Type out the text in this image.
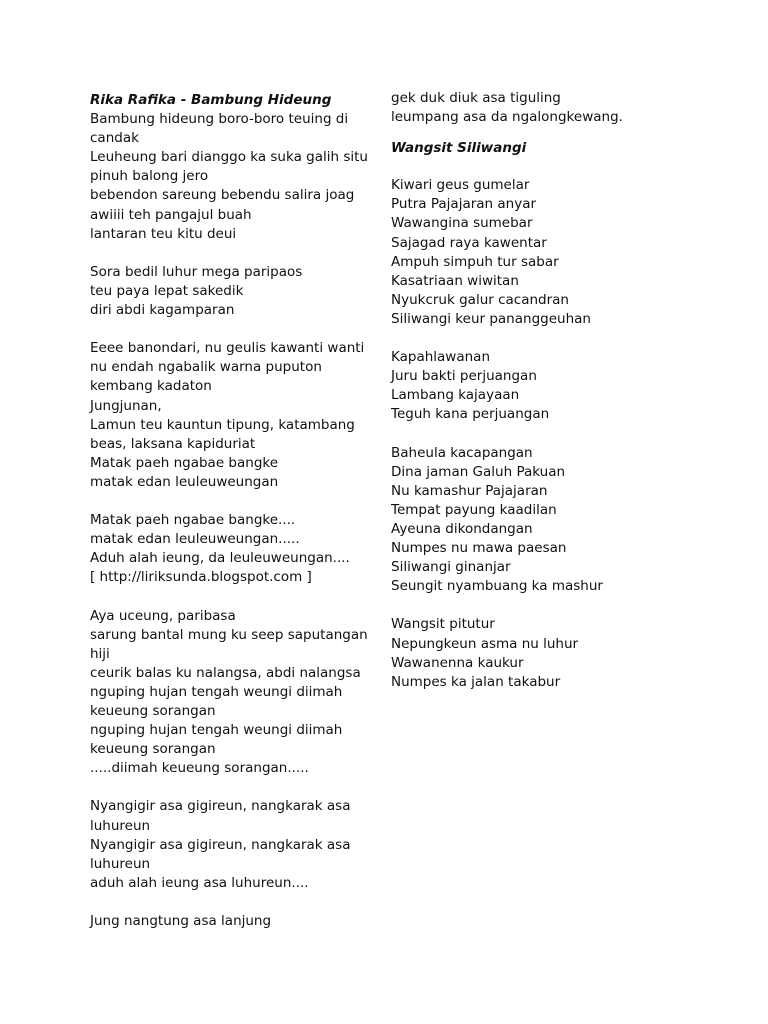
Rika Rafika - Bambung Hideung

Bambung hideung boro-boro teuing di candak
Leuheung bari dianggo ka suka galih situ pinuh balong jero
bebendon sareung bebendu salira joag awiiii teh pangajul buah
lantaran teu kitu deui
Sora bedil luhur mega paripaos
teu paya lepat sakedik
diri abdi kagamparan
Eeee banondari, nu geulis kawanti wanti nu endah ngabalik warna puputon kembang kadaton
Jungjunan,
Lamun teu kauntun tipung, katambang beas, laksana kapiduriat
Matak paeh ngabae bangke
matak edan leuleuweungan
Matak paeh ngabae bangke....
matak edan leuleuweungan.....
Aduh alah ieung, da leuleuweungan....
[ http://liriksunda.blogspot.com ]
Aya uceung, paribasa
sarung bantal mung ku seep saputangan hiji
ceurik balas ku nalangsa, abdi nalangsa nguping hujan tengah weungi diimah keueung sorangan
nguping hujan tengah weungi diimah keueung sorangan
.....diimah keueung sorangan.....
Nyangigir asa gigireun, nangkarak asa luhureun
Nyangigir asa gigireun, nangkarak asa luhureun
aduh alah ieung asa luhureun....
Jung nangtung asa lanjung
gek duk diuk asa tiguling
leumpang asa da ngalongkewang.

Wangsit Siliwangi

Kiwari geus gumelar
Putra Pajajaran anyar
Wawangina sumebar
Sajagad raya kawentar
Ampuh simpuh tur sabar
Kasatriaan wiwitan
Nyukcruk galur cacandran
Siliwangi keur pananggeuhan
Kapahlawanan
Juru bakti perjuangan
Lambang kajayaan
Teguh kana perjuangan
Baheula kacapangan
Dina jaman Galuh Pakuan
Nu kamashur Pajajaran
Tempat payung kaadilan
Ayeuna dikondangan
Numpes nu mawa paesan
Siliwangi ginanjar
Seungit nyambuang ka mashur
Wangsit pitutur
Nepungkeun asma nu luhur
Wawanenna kaukur
Numpes ka jalan takabur
